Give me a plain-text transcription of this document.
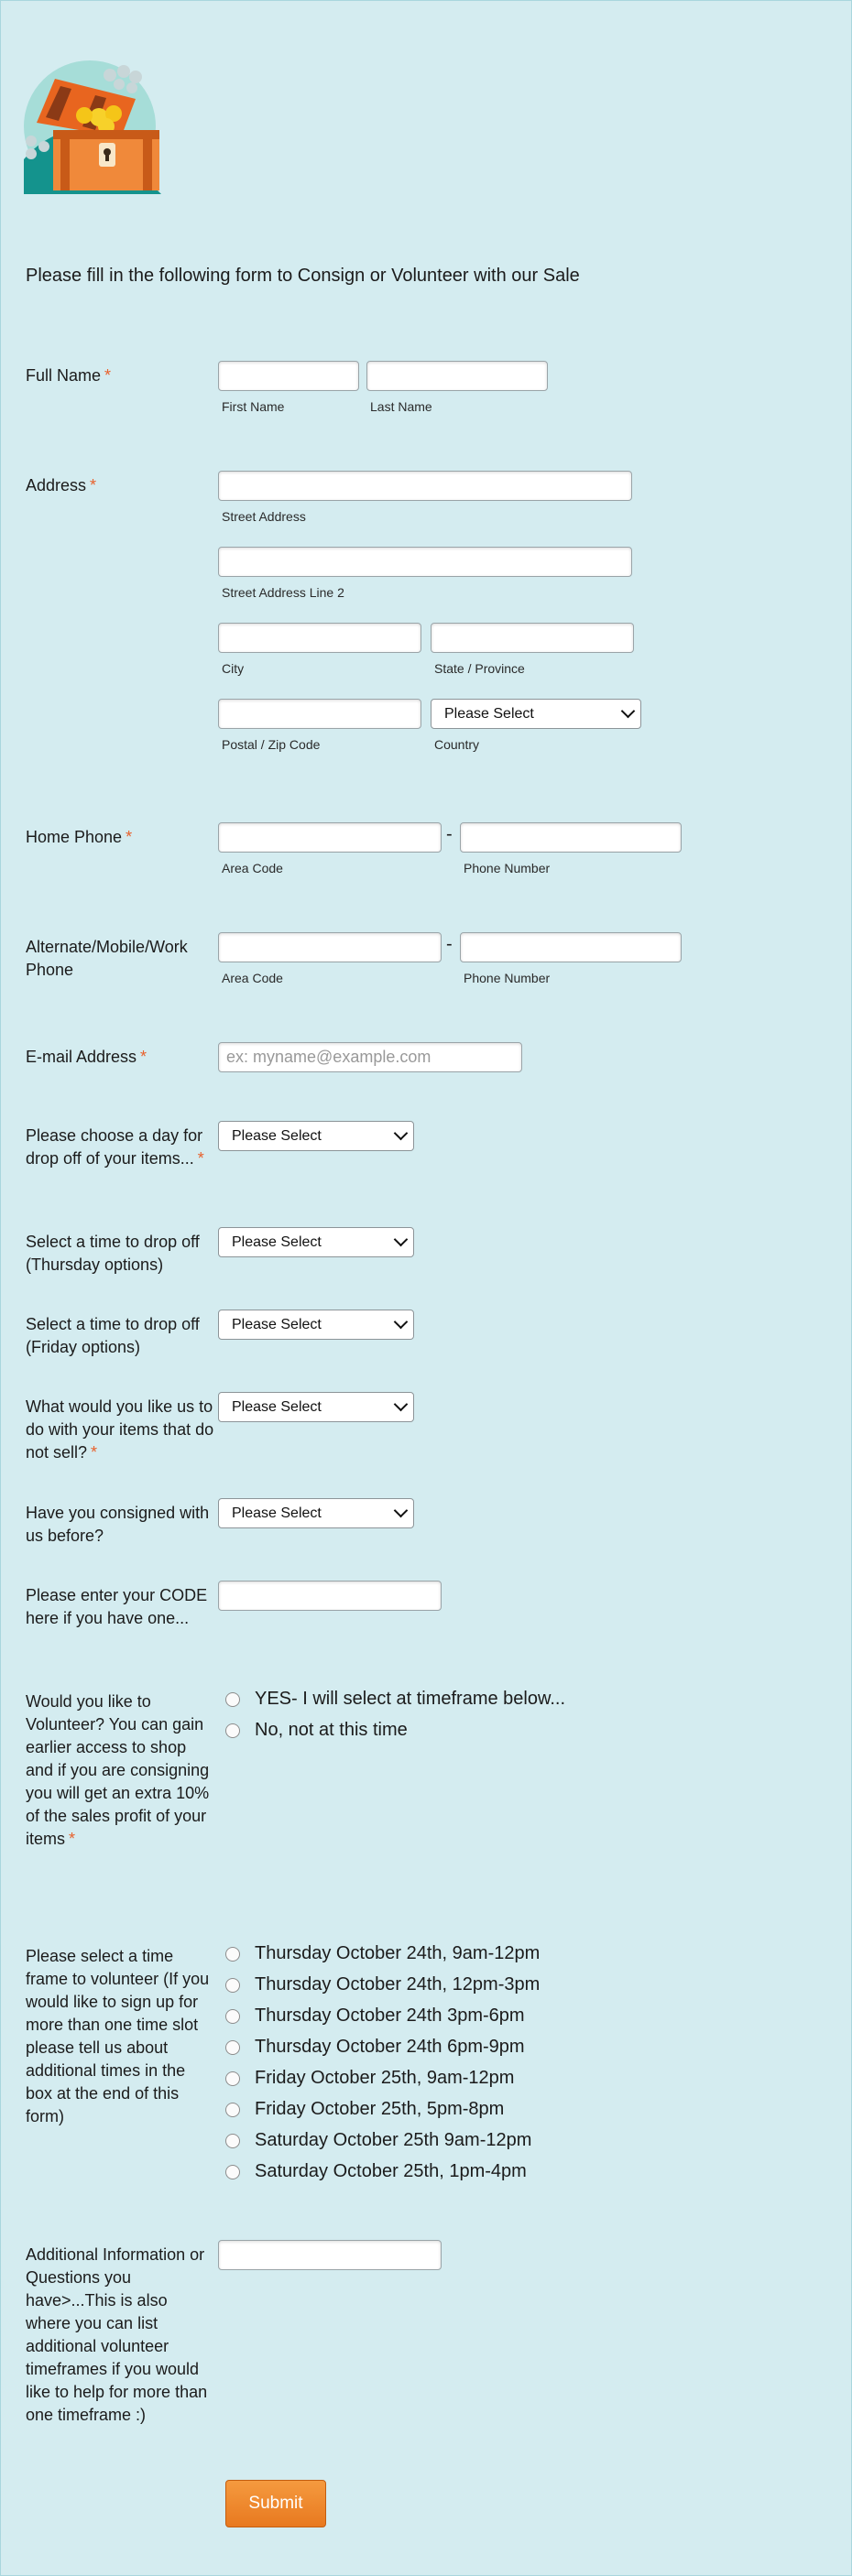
Please fill in the following form to Consign or Volunteer with our Sale
Full Name *
First Name	Last Name
Address *
Street Address
Street Address Line 2
City	State / Province
Please Select
Postal / Zip Code	Country
Home Phone *	-
Area Code	Phone Number
Alternate/Mobile/Work Phone
-
Area Code	Phone Number
E-mail Address *	ex: myname@example.com
Please choose a day for drop off of your items... *
Please Select
Select a time to drop off (Thursday options)
Please Select
Select a time to drop off (Friday options)
Please Select
What would you like us to do with your items that do not sell? *
Please Select
Have you consigned with us before?
Please Select
Please enter your CODE here if you have one...
Would you like to Volunteer? You can gain earlier access to shop and if you are consigning you will get an extra 10% of the sales profit of your items *
YES- I will select at timeframe below...
No, not at this time
Please select a time frame to volunteer (If you would like to sign up for more than one time slot please tell us about additional times in the box at the end of this form)
Thursday October 24th, 9am-12pm
Thursday October 24th, 12pm-3pm
Thursday October 24th 3pm-6pm
Thursday October 24th 6pm-9pm
Friday October 25th, 9am-12pm
Friday October 25th, 5pm-8pm
Saturday October 25th 9am-12pm
Saturday October 25th, 1pm-4pm
Additional Information or Questions you have>...This is also where you can list additional volunteer timeframes if you would like to help for more than one timeframe :)
Submit
